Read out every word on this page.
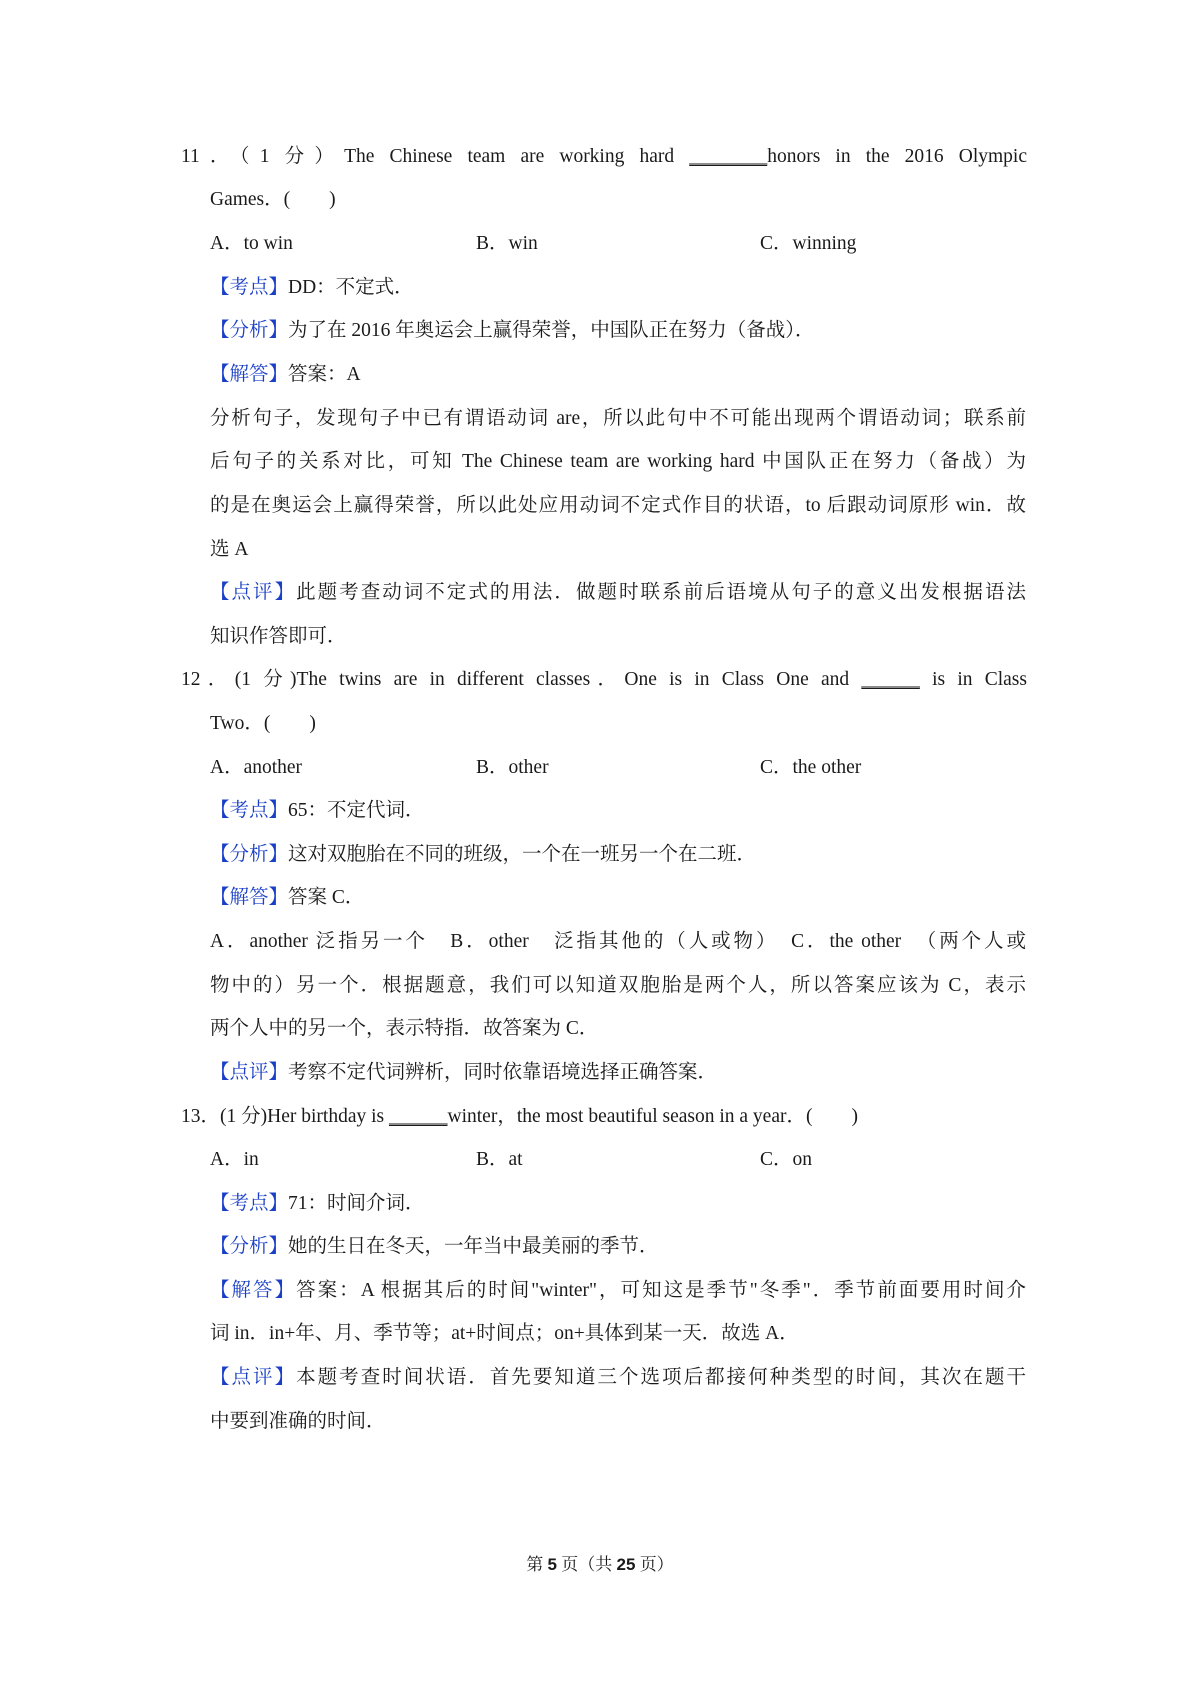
11．（1 分）The Chinese team are working hard ________honors in the 2016 Olympic
Games．(　　)
A．to win	B．win	C．winning
【考点】DD：不定式．
【分析】为了在 2016 年奥运会上赢得荣誉，中国队正在努力（备战）．
【解答】答案：A
分析句子，发现句子中已有谓语动词 are，所以此句中不可能出现两个谓语动词；联系前
后句子的关系对比，可知 The Chinese team are working hard 中国队正在努力（备战）为
的是在奥运会上赢得荣誉，所以此处应用动词不定式作目的状语，to 后跟动词原形 win．故
选 A
【点评】此题考查动词不定式的用法．做题时联系前后语境从句子的意义出发根据语法
知识作答即可．
12．(1 分)The twins are in different classes．One is in Class One and ______ is in Class
Two．(　　)
A．another	B．other	C．the other
【考点】65：不定代词．
【分析】这对双胞胎在不同的班级，一个在一班另一个在二班．
【解答】答案 C．
A．another 泛指另一个　B．other　泛指其他的（人或物）　C．the other　（两个人或
物中的）另一个．根据题意，我们可以知道双胞胎是两个人，所以答案应该为 C，表示
两个人中的另一个，表示特指．故答案为 C．
【点评】考察不定代词辨析，同时依靠语境选择正确答案．
13．(1 分)Her birthday is ______winter，the most beautiful season in a year．(　　)
A．in	B．at	C．on
【考点】71：时间介词．
【分析】她的生日在冬天，一年当中最美丽的季节．
【解答】答案：A 根据其后的时间"winter"，可知这是季节"冬季"．季节前面要用时间介
词 in．in+年、月、季节等；at+时间点；on+具体到某一天．故选 A．
【点评】本题考查时间状语．首先要知道三个选项后都接何种类型的时间，其次在题干
中要到准确的时间．
第 5 页（共 25 页）
